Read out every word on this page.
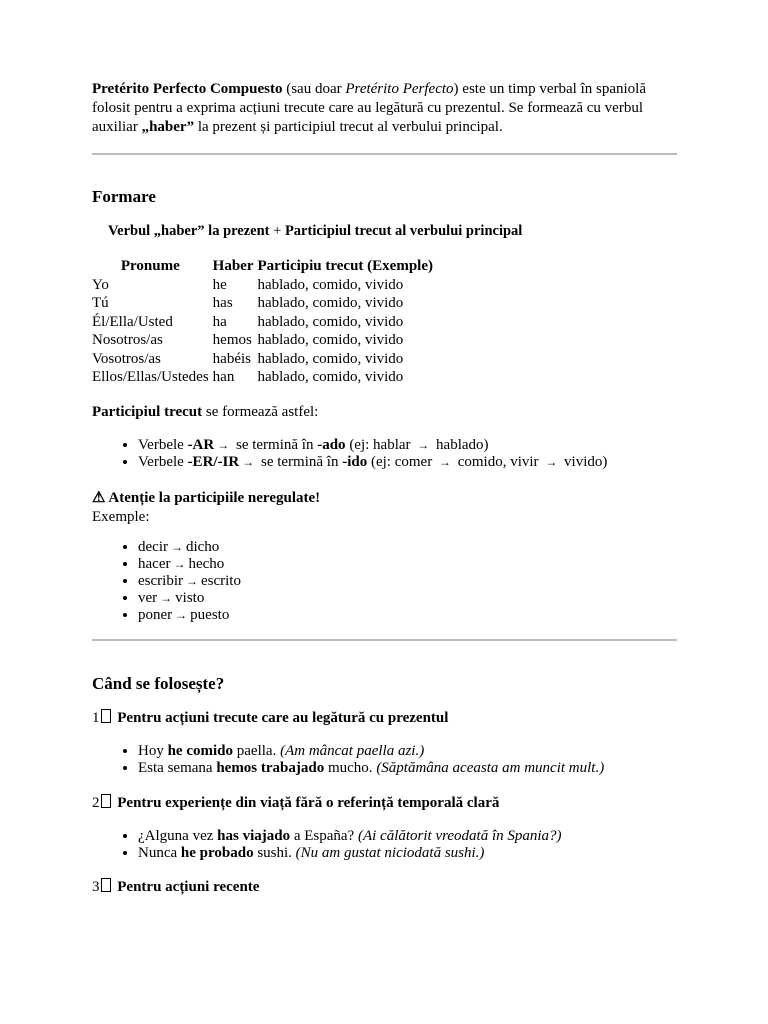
Pretérito Perfecto Compuesto (sau doar Pretérito Perfecto) este un timp verbal în spaniolă folosit pentru a exprima acțiuni trecute care au legătură cu prezentul. Se formează cu verbul auxiliar „haber” la prezent și participiul trecut al verbului principal.

Formare
Verbul „haber” la prezent + Participiul trecut al verbului principal
Pronume	Haber	Participiu trecut (Exemple)
Yo	he	hablado, comido, vivido
Tú	has	hablado, comido, vivido
Él/Ella/Usted	ha	hablado, comido, vivido
Nosotros/as	hemos	hablado, comido, vivido
Vosotros/as	habéis	hablado, comido, vivido
Ellos/Ellas/Ustedes	han	hablado, comido, vivido

Participiul trecut se formează astfel:

• Verbele -AR → se termină în -ado (ej: hablar → hablado)
• Verbele -ER/-IR → se termină în -ido (ej: comer → comido, vivir → vivido)

⚠ Atenție la participiile neregulate!

Exemple:

• decir → dicho
• hacer → hecho
• escribir → escrito
• ver → visto
• poner → puesto
Când se folosește?

1 Pentru acțiuni trecute care au legătură cu prezentul

• Hoy he comido paella. (Am mâncat paella azi.)
• Esta semana hemos trabajado mucho. (Săptămâna aceasta am muncit mult.)

2 Pentru experiențe din viață fără o referință temporală clară

• ¿Alguna vez has viajado a España? (Ai călătorit vreodată în Spania?)
• Nunca he probado sushi. (Nu am gustat niciodată sushi.)

3 Pentru acțiuni recente
